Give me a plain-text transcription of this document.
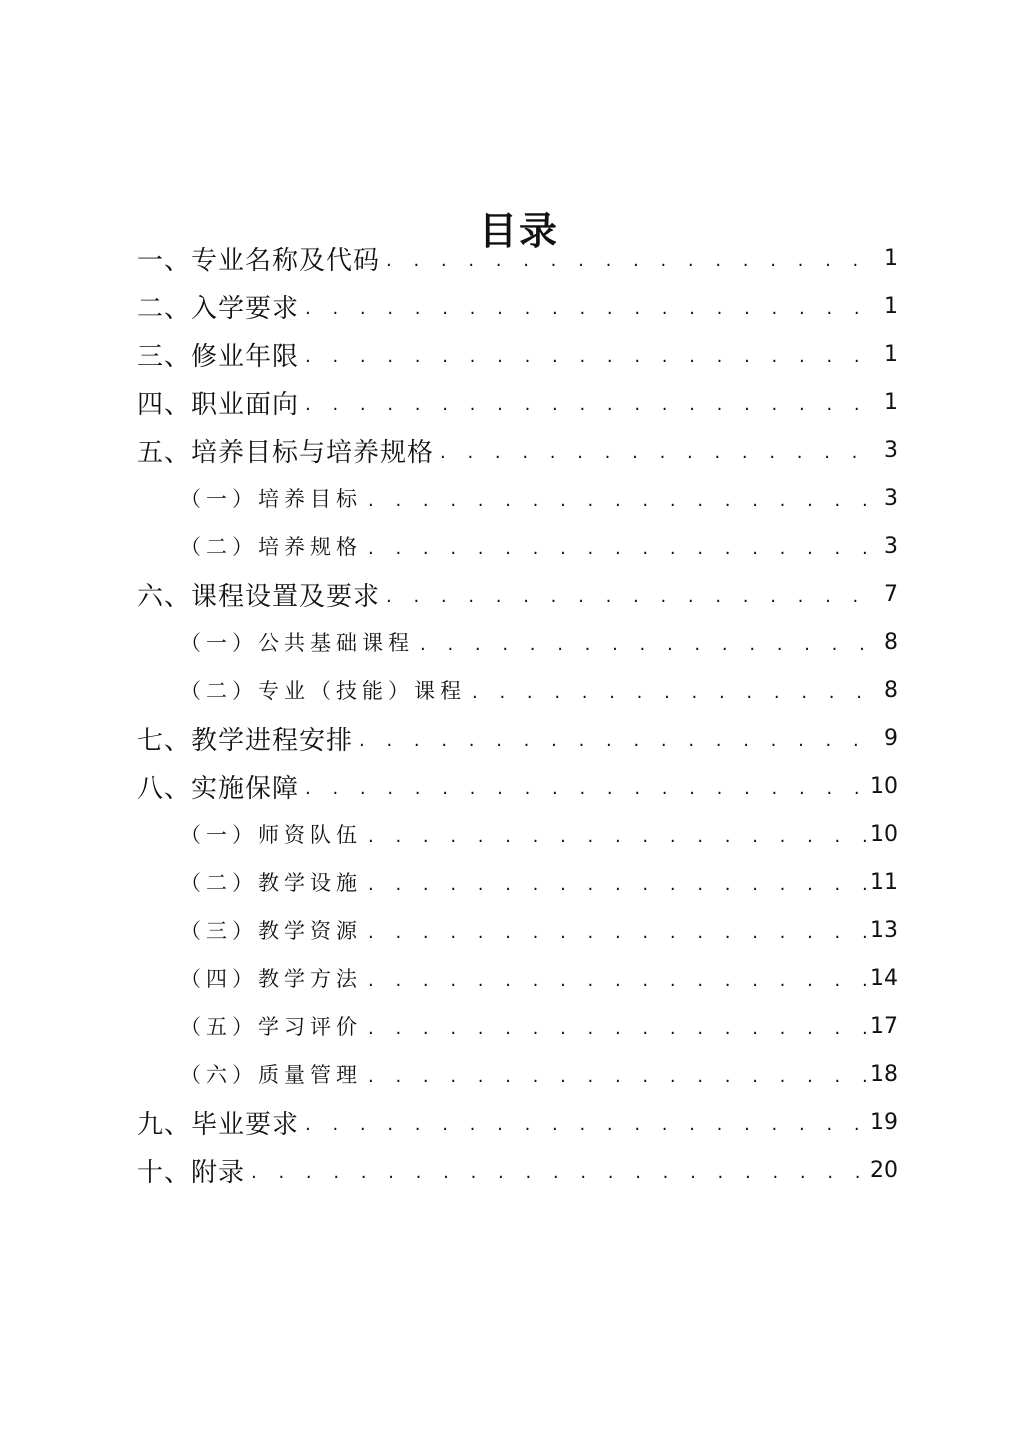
目录
一、专业名称及代码 . . .	1
二、入学要求 . . .	1
三、修业年限 . . .	1
四、职业面向 . . .	1
五、培养目标与培养规格 . . .	3
（一）培养目标 . . .	3
（二）培养规格 . . .	3
六、课程设置及要求 . . .	7
（一）公共基础课程 . . .	8
（二）专业（技能）课程 . . .	8
七、教学进程安排 . . .	9
八、实施保障 . . .	10
（一）师资队伍 . . .	10
（二）教学设施 . . .	11
（三）教学资源 . . .	13
（四）教学方法 . . .	14
（五）学习评价 . . .	17
（六）质量管理 . . .	18
九、毕业要求 . . .	19
十、附录 . . .	20
